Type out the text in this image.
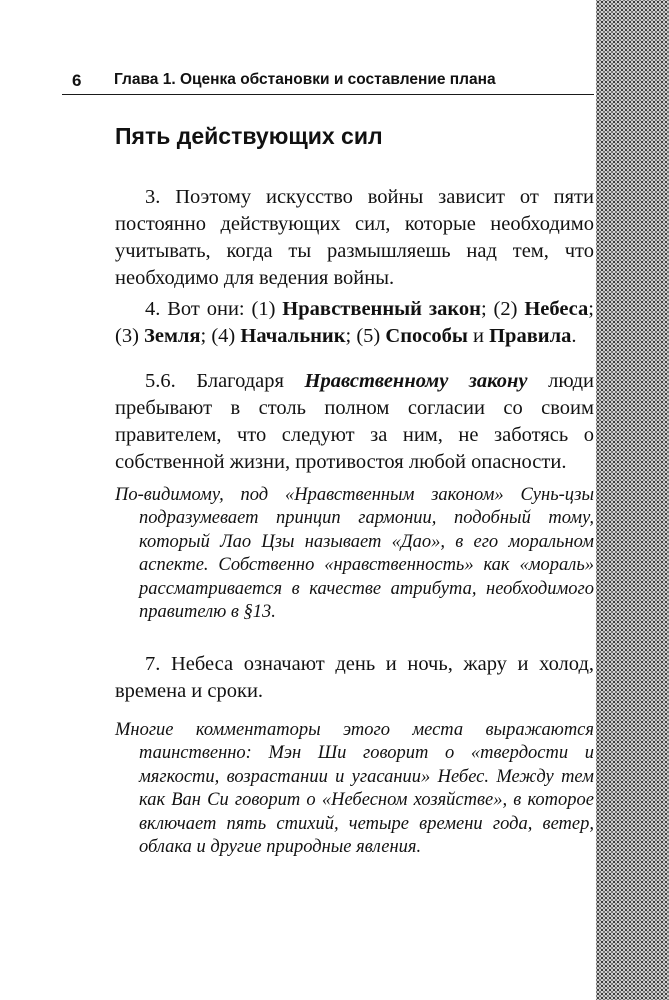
6 Глава 1. Оценка обстановки и составление плана
Пять действующих сил

3. Поэтому искусство войны зависит от пяти постоянно действующих сил, которые необходимо учитывать, когда ты размышляешь над тем, что необходимо для ведения войны.

4. Вот они: (1) Нравственный закон; (2) Небеса; (3) Земля; (4) Начальник; (5) Способы и Правила.

5.6. Благодаря Нравственному закону люди пребывают в столь полном согласии со своим правителем, что следуют за ним, не заботясь о собственной жизни, противостоя любой опасности.

По-видимому, под «Нравственным законом» Сунь-цзы подразумевает принцип гармонии, подобный тому, который Лао Цзы называет «Дао», в его моральном аспекте. Собственно «нравственность» как «мораль» рассматривается в качестве атрибута, необходимого правителю в §13.

7. Небеса означают день и ночь, жару и холод, времена и сроки.

Многие комментаторы этого места выражаются таинственно: Мэн Ши говорит о «твердости и мягкости, возрастании и угасании» Небес. Между тем как Ван Си говорит о «Небесном хозяйстве», в которое включает пять стихий, четыре времени года, ветер, облака и другие природные явления.
